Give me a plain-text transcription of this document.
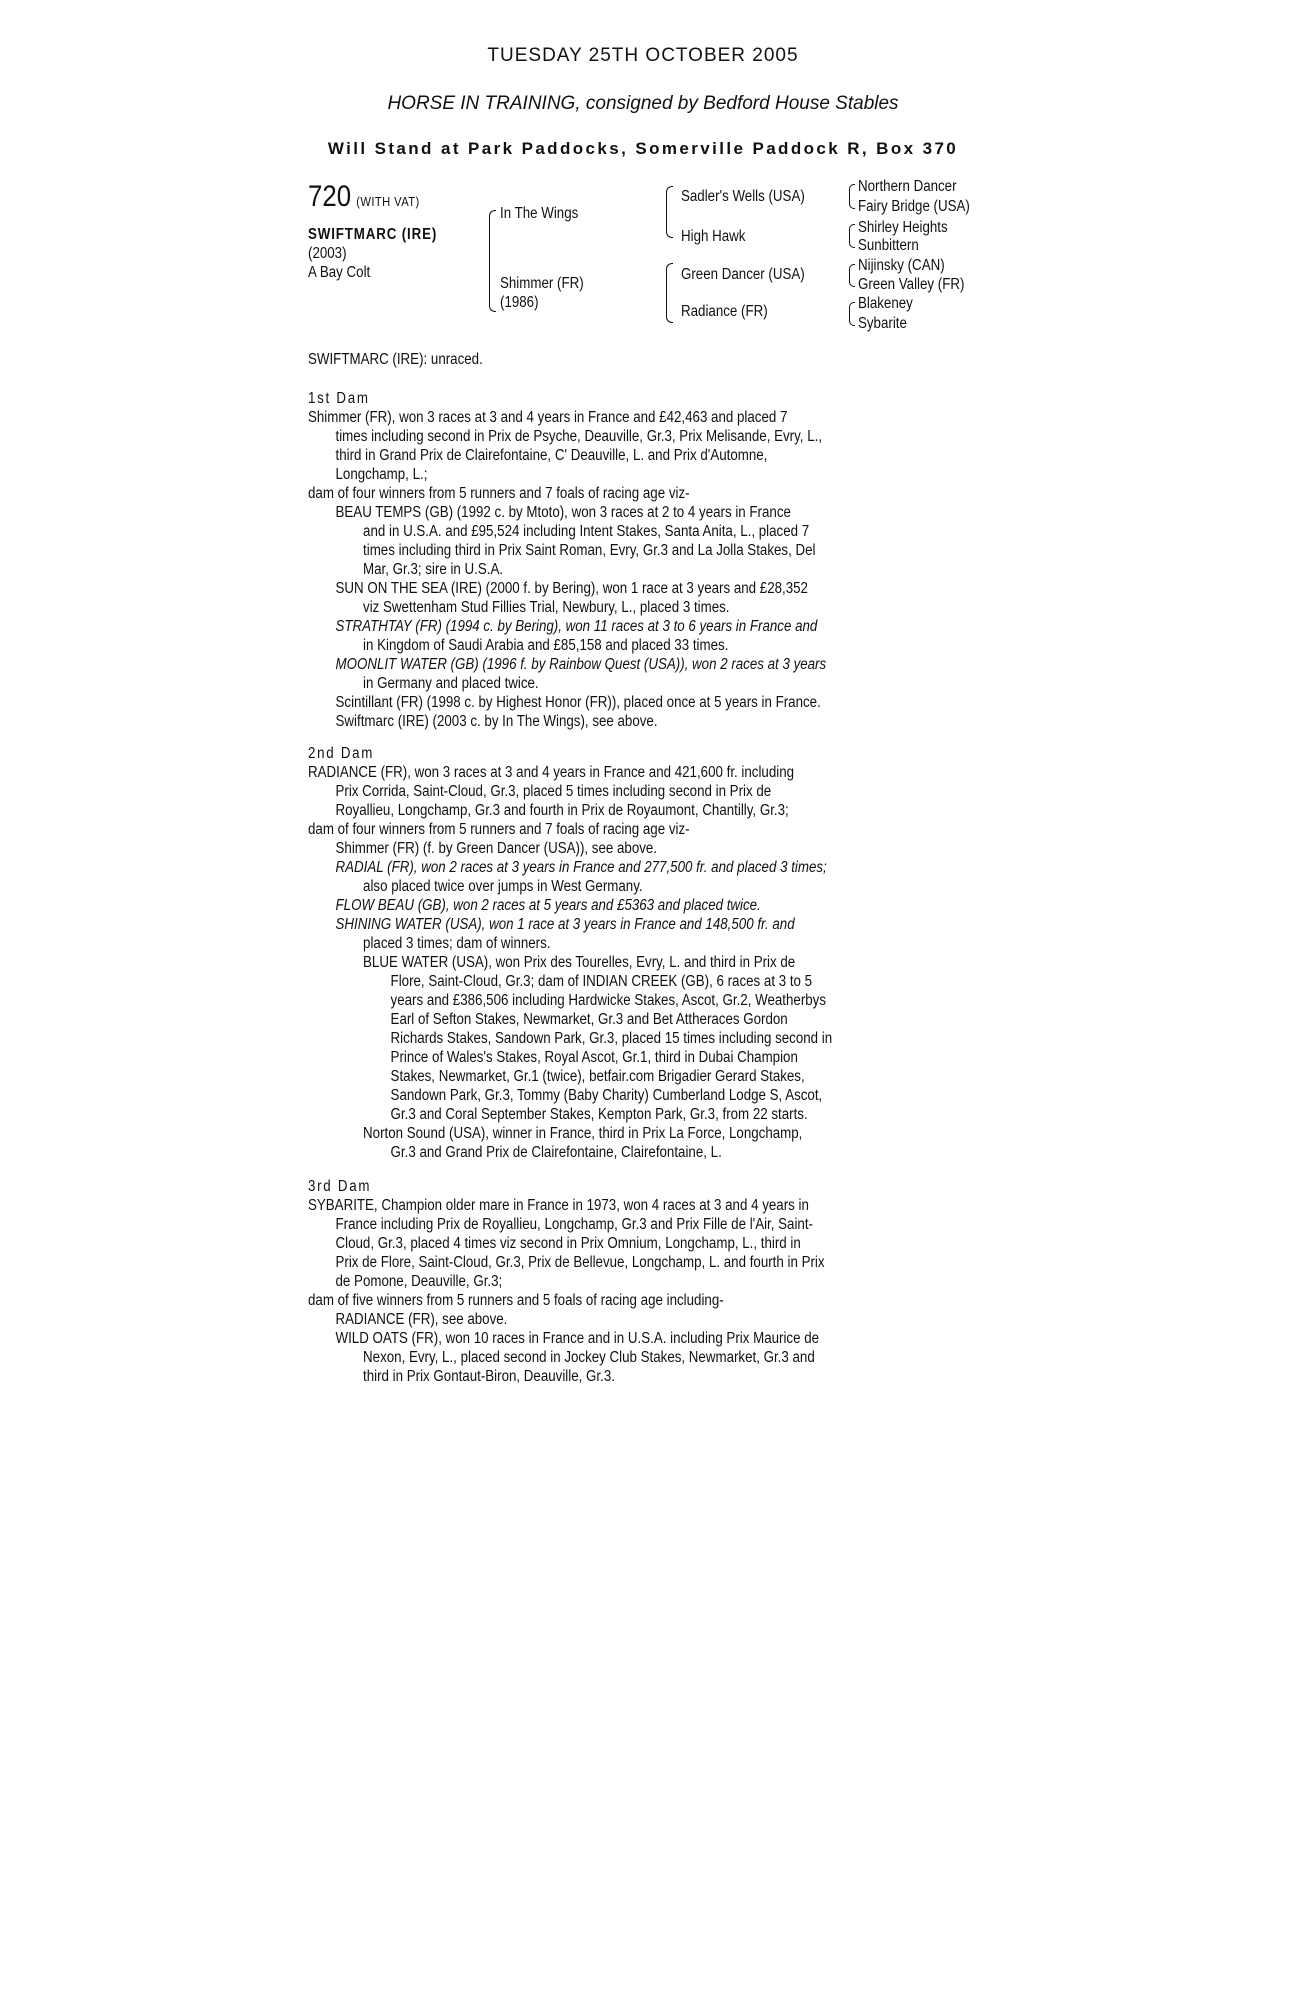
TUESDAY 25TH OCTOBER 2005
HORSE IN TRAINING, consigned by Bedford House Stables
Will Stand at Park Paddocks, Somerville Paddock R, Box 370
720 (WITH VAT)
SWIFTMARC (IRE)
(2003)
A Bay Colt
In The Wings
Shimmer (FR)
(1986)
Sadler's Wells (USA)
High Hawk
Green Dancer (USA)
Radiance (FR)
Northern Dancer
Fairy Bridge (USA)
Shirley Heights
Sunbittern
Nijinsky (CAN)
Green Valley (FR)
Blakeney
Sybarite
SWIFTMARC (IRE): unraced.
1st Dam
Shimmer (FR), won 3 races at 3 and 4 years in France and £42,463 and placed 7
times including second in Prix de Psyche, Deauville, Gr.3, Prix Melisande, Evry, L.,
third in Grand Prix de Clairefontaine, C' Deauville, L. and Prix d'Automne,
Longchamp, L.;
dam of four winners from 5 runners and 7 foals of racing age viz-
BEAU TEMPS (GB) (1992 c. by Mtoto), won 3 races at 2 to 4 years in France
and in U.S.A. and £95,524 including Intent Stakes, Santa Anita, L., placed 7
times including third in Prix Saint Roman, Evry, Gr.3 and La Jolla Stakes, Del
Mar, Gr.3; sire in U.S.A.
SUN ON THE SEA (IRE) (2000 f. by Bering), won 1 race at 3 years and £28,352
viz Swettenham Stud Fillies Trial, Newbury, L., placed 3 times.
STRATHTAY (FR) (1994 c. by Bering), won 11 races at 3 to 6 years in France and
in Kingdom of Saudi Arabia and £85,158 and placed 33 times.
MOONLIT WATER (GB) (1996 f. by Rainbow Quest (USA)), won 2 races at 3 years
in Germany and placed twice.
Scintillant (FR) (1998 c. by Highest Honor (FR)), placed once at 5 years in France.
Swiftmarc (IRE) (2003 c. by In The Wings), see above.
2nd Dam
RADIANCE (FR), won 3 races at 3 and 4 years in France and 421,600 fr. including
Prix Corrida, Saint-Cloud, Gr.3, placed 5 times including second in Prix de
Royallieu, Longchamp, Gr.3 and fourth in Prix de Royaumont, Chantilly, Gr.3;
dam of four winners from 5 runners and 7 foals of racing age viz-
Shimmer (FR) (f. by Green Dancer (USA)), see above.
RADIAL (FR), won 2 races at 3 years in France and 277,500 fr. and placed 3 times;
also placed twice over jumps in West Germany.
FLOW BEAU (GB), won 2 races at 5 years and £5363 and placed twice.
SHINING WATER (USA), won 1 race at 3 years in France and 148,500 fr. and
placed 3 times; dam of winners.
BLUE WATER (USA), won Prix des Tourelles, Evry, L. and third in Prix de
Flore, Saint-Cloud, Gr.3; dam of INDIAN CREEK (GB), 6 races at 3 to 5
years and £386,506 including Hardwicke Stakes, Ascot, Gr.2, Weatherbys
Earl of Sefton Stakes, Newmarket, Gr.3 and Bet Attheraces Gordon
Richards Stakes, Sandown Park, Gr.3, placed 15 times including second in
Prince of Wales's Stakes, Royal Ascot, Gr.1, third in Dubai Champion
Stakes, Newmarket, Gr.1 (twice), betfair.com Brigadier Gerard Stakes,
Sandown Park, Gr.3, Tommy (Baby Charity) Cumberland Lodge S, Ascot,
Gr.3 and Coral September Stakes, Kempton Park, Gr.3, from 22 starts.
Norton Sound (USA), winner in France, third in Prix La Force, Longchamp,
Gr.3 and Grand Prix de Clairefontaine, Clairefontaine, L.
3rd Dam
SYBARITE, Champion older mare in France in 1973, won 4 races at 3 and 4 years in
France including Prix de Royallieu, Longchamp, Gr.3 and Prix Fille de l'Air, Saint-
Cloud, Gr.3, placed 4 times viz second in Prix Omnium, Longchamp, L., third in
Prix de Flore, Saint-Cloud, Gr.3, Prix de Bellevue, Longchamp, L. and fourth in Prix
de Pomone, Deauville, Gr.3;
dam of five winners from 5 runners and 5 foals of racing age including-
RADIANCE (FR), see above.
WILD OATS (FR), won 10 races in France and in U.S.A. including Prix Maurice de
Nexon, Evry, L., placed second in Jockey Club Stakes, Newmarket, Gr.3 and
third in Prix Gontaut-Biron, Deauville, Gr.3.
